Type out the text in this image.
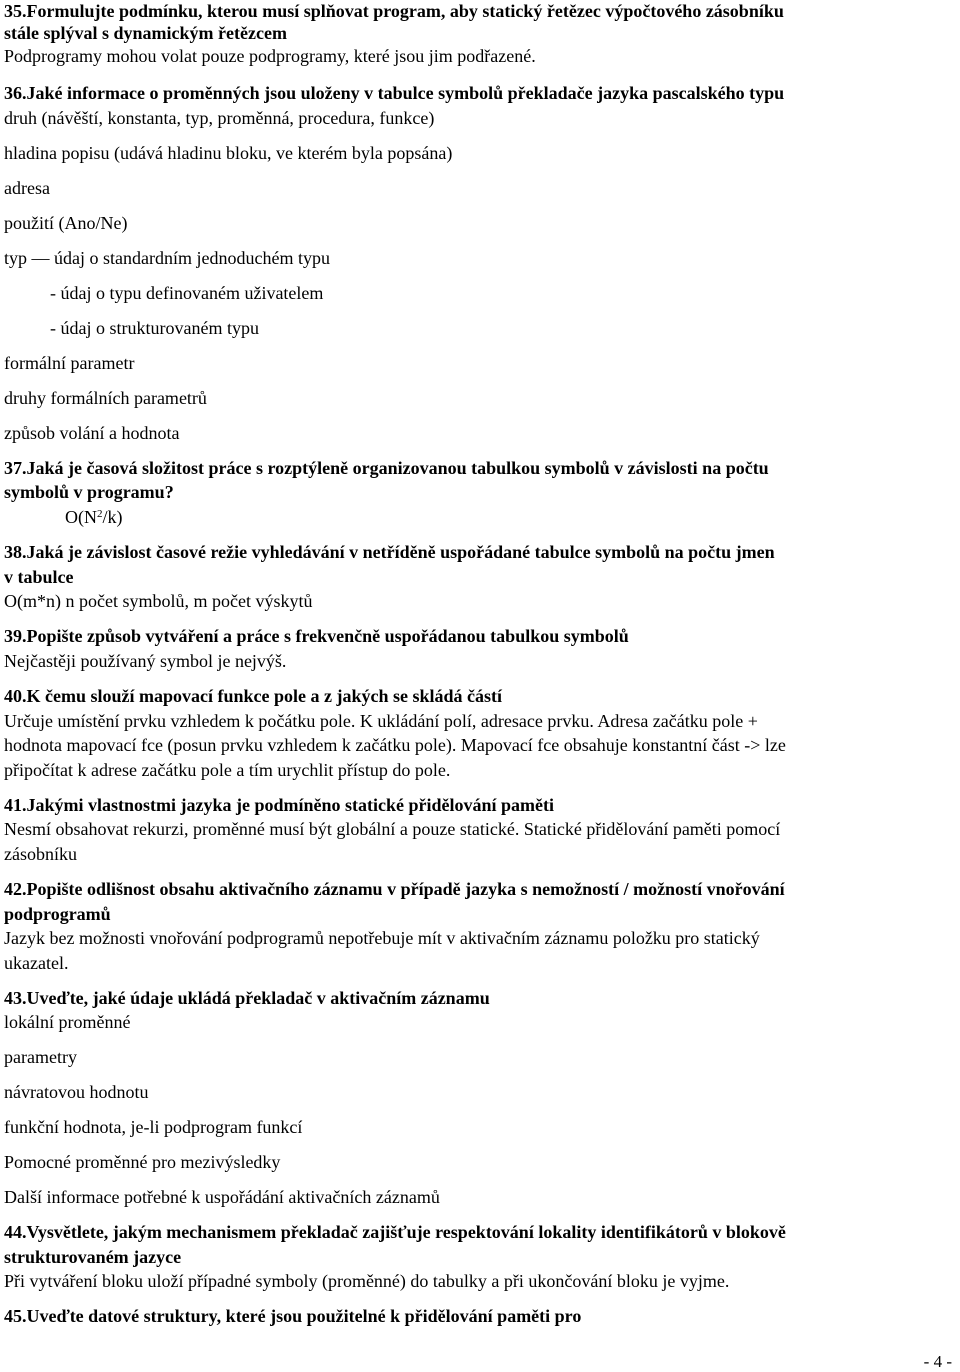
35.Formulujte podmínku, kterou musí splňovat program, aby statický řetězec výpočtového zásobníku
stále splýval s dynamickým řetězcem
Podprogramy mohou volat pouze podprogramy, které jsou jim podřazené.
36.Jaké informace o proměnných jsou uloženy v tabulce symbolů překladače jazyka pascalského typu
druh (návěští, konstanta, typ, proměnná, procedura, funkce)
hladina popisu (udává hladinu bloku, ve kterém byla popsána)
adresa
použití (Ano/Ne)
typ — údaj o standardním jednoduchém typu
- údaj o typu definovaném uživatelem
- údaj o strukturovaném typu
formální parametr
druhy formálních parametrů
způsob volání a hodnota
37.Jaká je časová složitost práce s rozptýleně organizovanou tabulkou symbolů v závislosti na počtu
symbolů v programu?
$O(N^2/k)$
38.Jaká je závislost časové režie vyhledávání v netříděně uspořádané tabulce symbolů na počtu jmen
v tabulce
O(m*n) n počet symbolů, m počet výskytů
39.Popište způsob vytváření a práce s frekvenčně uspořádanou tabulkou symbolů
Nejčastěji používaný symbol je nejvýš.
40.K čemu slouží mapovací funkce pole a z jakých se skládá částí
Určuje umístění prvku vzhledem k počátku pole. K ukládání polí, adresace prvku. Adresa začátku pole +
hodnota mapovací fce (posun prvku vzhledem k začátku pole). Mapovací fce obsahuje konstantní část -> lze
připočítat k adrese začátku pole a tím urychlit přístup do pole.
41.Jakými vlastnostmi jazyka je podmíněno statické přidělování paměti
Nesmí obsahovat rekurzi, proměnné musí být globální a pouze statické. Statické přidělování paměti pomocí
zásobníku
42.Popište odlišnost obsahu aktivačního záznamu v případě jazyka s nemožností / možností vnořování
podprogramů
Jazyk bez možnosti vnořování podprogramů nepotřebuje mít v aktivačním záznamu položku pro statický
ukazatel.
43.Uveďte, jaké údaje ukládá překladač v aktivačním záznamu
lokální proměnné
parametry
návratovou hodnotu
funkční hodnota, je-li podprogram funkcí
Pomocné proměnné pro mezivýsledky
Další informace potřebné k uspořádání aktivačních záznamů
44.Vysvětlete, jakým mechanismem překladač zajišťuje respektování lokality identifikátorů v blokově
strukturovaném jazyce
Při vytváření bloku uloží případné symboly (proměnné) do tabulky a při ukončování bloku je vyjme.
45.Uveďte datové struktury, které jsou použitelné k přidělování paměti pro
- 4 -
